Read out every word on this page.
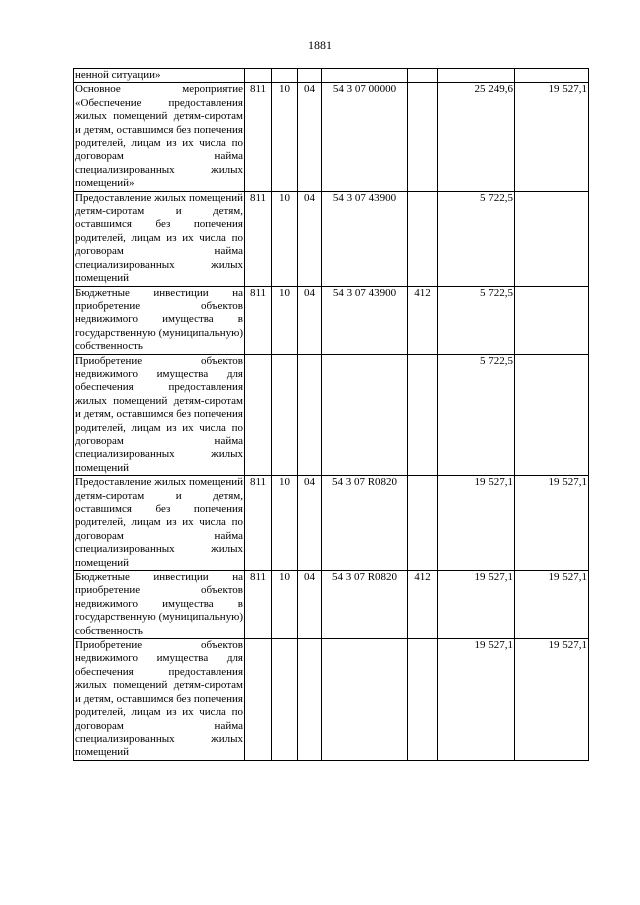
1881
ненной ситуации»							
Основное мероприятие «Обеспечение предоставления жилых помещений детям-сиротам и детям, оставшимся без попечения родителей, лицам из их числа по договорам найма специализированных жилых помещений»	811	10	04	54 3 07 00000		25 249,6	19 527,1
Предоставление жилых помещений детям-сиротам и детям, оставшимся без попечения родителей, лицам из их числа по договорам найма специализированных жилых помещений	811	10	04	54 3 07 43900		5 722,5	
Бюджетные инвестиции на приобретение объектов недвижимого имущества в государственную (муниципальную) собственность	811	10	04	54 3 07 43900	412	5 722,5	
Приобретение объектов недвижимого имущества для обеспечения предоставления жилых помещений детям-сиротам и детям, оставшимся без попечения родителей, лицам из их числа по договорам найма специализированных жилых помещений						5 722,5	
Предоставление жилых помещений детям-сиротам и детям, оставшимся без попечения родителей, лицам из их числа по договорам найма специализированных жилых помещений	811	10	04	54 3 07 R0820		19 527,1	19 527,1
Бюджетные инвестиции на приобретение объектов недвижимого имущества в государственную (муниципальную) собственность	811	10	04	54 3 07 R0820	412	19 527,1	19 527,1
Приобретение объектов недвижимого имущества для обеспечения предоставления жилых помещений детям-сиротам и детям, оставшимся без попечения родителей, лицам из их числа по договорам найма специализированных жилых помещений						19 527,1	19 527,1
